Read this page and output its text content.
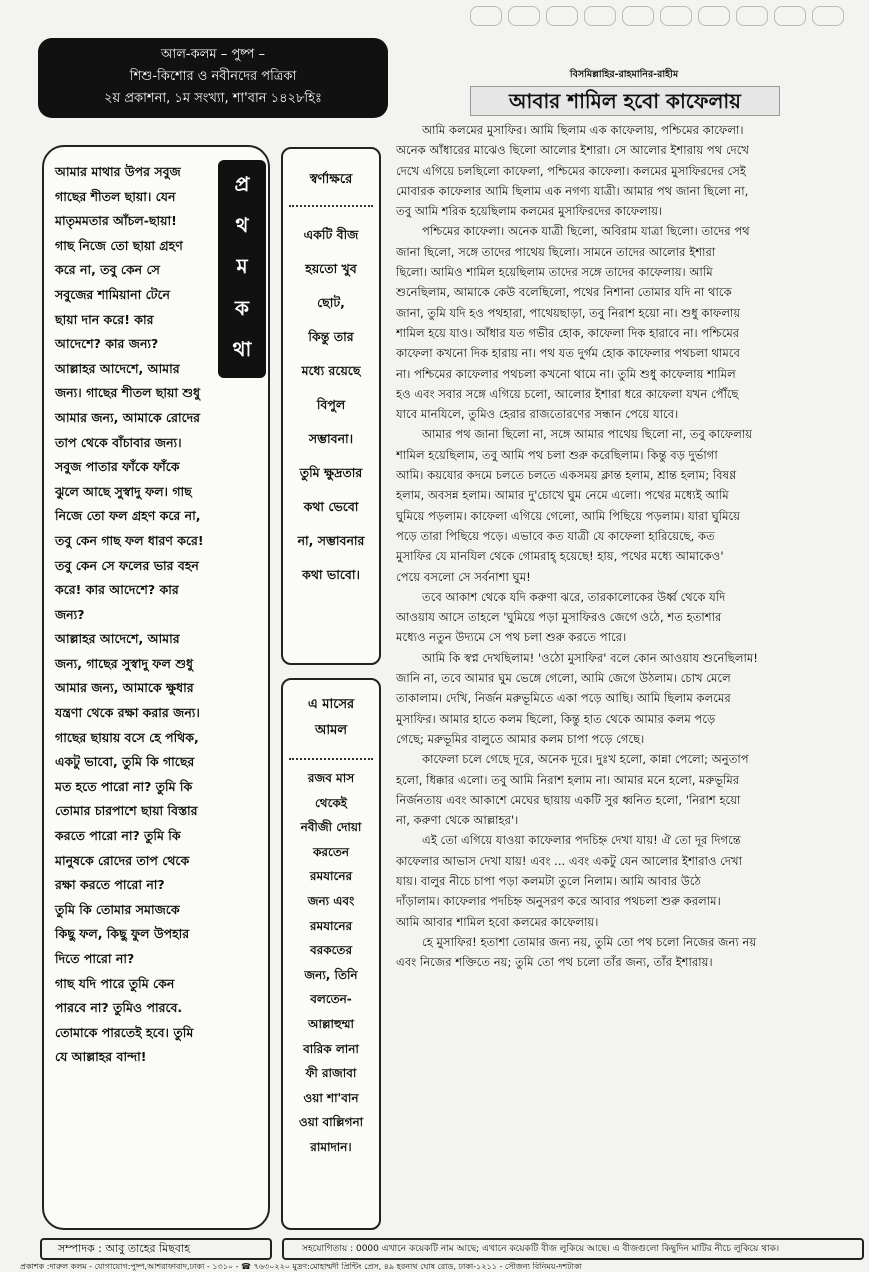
আল-কলম – পুষ্প –
শিশু-কিশোর ও নবীনদের পত্রিকা
২য় প্রকাশনা, ১ম সংখ্যা, শা'বান ১৪২৮হিঃ
বিসমিল্লাহির-রাহমানির-রাহীম
আবার শামিল হবো কাফেলায়
আমার মাথার উপর সবুজ
গাছের শীতল ছায়া। যেন
মাতৃমমতার আঁচল-ছায়া!
গাছ নিজে তো ছায়া গ্রহণ
করে না, তবু কেন সে
সবুজের শামিয়ানা টেনে
ছায়া দান করে! কার
আদেশে? কার জন্য?
আল্লাহর আদেশে, আমার
জন্য। গাছের শীতল ছায়া শুধু
আমার জন্য, আমাকে রোদের
তাপ থেকে বাঁচাবার জন্য।
সবুজ পাতার ফাঁকে ফাঁকে
ঝুলে আছে সুস্বাদু ফল। গাছ
নিজে তো ফল গ্রহণ করে না,
তবু কেন গাছ ফল ধারণ করে!
তবু কেন সে ফলের ভার বহন
করে! কার আদেশে? কার
জন্য?
আল্লাহর আদেশে, আমার
জন্য, গাছের সুস্বাদু ফল শুধু
আমার জন্য, আমাকে ক্ষুধার
যন্ত্রণা থেকে রক্ষা করার জন্য।
গাছের ছায়ায় বসে হে পথিক,
একটু ভাবো, তুমি কি গাছের
মত হতে পারো না? তুমি কি
তোমার চারপাশে ছায়া বিস্তার
করতে পারো না? তুমি কি
মানুষকে রোদের তাপ থেকে
রক্ষা করতে পারো না?
তুমি কি তোমার সমাজকে
কিছু ফল, কিছু ফুল উপহার
দিতে পারো না?
গাছ যদি পারে তুমি কেন
পারবে না? তুমিও পারবে.
তোমাকে পারতেই হবে। তুমি
যে আল্লাহর বান্দা!
প্র
থ
ম
ক
থা
স্বর্ণাক্ষরে
একটি বীজ
হয়তো খুব
ছোট,
কিন্তু তার
মধ্যে রয়েছে
বিপুল
সম্ভাবনা।
তুমি ক্ষুদ্রতার
কথা ভেবো
না, সম্ভাবনার
কথা ভাবো।
এ মাসের
আমল
রজব মাস
থেকেই
নবীজী দোয়া
করতেন
রমযানের
জন্য এবং
রমযানের
বরকতের
জন্য, তিনি
বলতেন-
আল্লাহুম্মা
বারিক লানা
ফী রাজাবা
ওয়া শা'বান
ওয়া বাল্লিগনা
রামাদান।
আমি কলমের মুসাফির। আমি ছিলাম এক কাফেলায়, পশ্চিমের কাফেলা।
অনেক আঁধারের মাঝেও ছিলো আলোর ইশারা। সে আলোর ইশারায় পথ দেখে
দেখে এগিয়ে চলছিলো কাফেলা, পশ্চিমের কাফেলা। কলমের মুসাফিরদের সেই
মোবারক কাফেলার আমি ছিলাম এক নগণ্য যাত্রী। আমার পথ জানা ছিলো না,
তবু আমি শরিক হয়েছিলাম কলমের মুসাফিরদের কাফেলায়।
পশ্চিমের কাফেলা। অনেক যাত্রী ছিলো, অবিরাম যাত্রা ছিলো। তাদের পথ
জানা ছিলো, সঙ্গে তাদের পাথেয় ছিলো। সামনে তাদের আলোর ইশারা
ছিলো। আমিও শামিল হয়েছিলাম তাদের সঙ্গে তাদের কাফেলায়। আমি
শুনেছিলাম, আমাকে কেউ বলেছিলো, পথের নিশানা তোমার যদি না থাকে
জানা, তুমি যদি হও পথহারা, পাথেয়ছাড়া, তবু নিরাশ হয়ো না। শুধু কাফলায়
শামিল হয়ে যাও। আঁধার যত গভীর হোক, কাফেলা দিক হারাবে না। পশ্চিমের
কাফেলা কখনো দিক হারায় না। পথ যত দুর্গম হোক কাফেলার পথচলা থামবে
না। পশ্চিমের কাফেলার পথচলা কখনো থামে না। তুমি শুধু কাফেলায় শামিল
হও এবং সবার সঙ্গে এগিয়ে চলো, আলোর ইশারা ধরে কাফেলা যখন পৌঁছে
যাবে মানযিলে, তুমিও হেরার রাজতোরণের সন্ধান পেয়ে যাবে।
আমার পথ জানা ছিলো না, সঙ্গে আমার পাথেয় ছিলো না, তবু কাফেলায়
শামিল হয়েছিলাম, তবু আমি পথ চলা শুরু করেছিলাম। কিন্তু বড় দুর্ভাগা
আমি। কয়যোর কদমে চলতে চলতে একসময় ক্লান্ত হলাম, শ্রান্ত হলাম; বিষণ্ণ
হলাম, অবসন্ন হলাম। আমার দু'চোখে ঘুম নেমে এলো। পথের মধ্যেই আমি
ঘুমিয়ে পড়লাম। কাফেলা এগিয়ে গেলো, আমি পিছিয়ে পড়লাম। যারা ঘুমিয়ে
পড়ে তারা পিছিয়ে পড়ে। এভাবে কত যাত্রী যে কাফেলা হারিয়েছে, কত
মুসাফির যে মানযিল থেকে গোমরাহ্‌ হয়েছে! হায়, পথের মধ্যে আমাকেও'
পেয়ে বসলো সে সর্বনাশা ঘুম!
তবে আকাশ থেকে যদি করুণা ঝরে, তারকালোকের উর্ধ্ব থেকে যদি
আওয়ায আসে তাহলে 'ঘুমিয়ে পড়া মুসাফিরও জেগে ওঠে, শত হতাশার
মধ্যেও নতুন উদ্যমে সে পথ চলা শুরু করতে পারে।
আমি কি স্বপ্ন দেখছিলাম! 'ওঠো মুসাফির' বলে কোন আওয়ায শুনেছিলাম!
জানি না, তবে আমার ঘুম ভেঙ্গে গেলো, আমি জেগে উঠলাম। চোখ মেলে
তাকালাম। দেখি, নির্জন মরুভূমিতে একা পড়ে আছি। আমি ছিলাম কলমের
মুসাফির। আমার হাতে কলম ছিলো, কিন্তু হাত থেকে আমার কলম পড়ে
গেছে; মরুভূমির বালুতে আমার কলম চাপা পড়ে গেছে।
কাফেলা চলে গেছে দূরে, অনেক দূরে। দুঃখ হলো, কান্না পেলো; অনুতাপ
হলো, ধিক্কার এলো। তবু আমি নিরাশ হলাম না। আমার মনে হলো, মরুভূমির
নির্জনতায় এবং আকাশে মেঘের ছায়ায় একটি সুর ধ্বনিত হলো, 'নিরাশ হয়ো
না, করুণা থেকে আল্লাহর'।
এই তো এগিয়ে যাওয়া কাফেলার পদচিহ্ন দেখা যায়! ঐ তো দূর দিগন্তে
কাফেলার আভাস দেখা যায়! এবং ... এবং একটু যেন আলোর ইশারাও দেখা
যায়। বালুর নীচে চাপা পড়া কলমটা তুলে নিলাম। আমি আবার উঠে
দাঁড়ালাম। কাফেলার পদচিহ্ন অনুসরণ করে আবার পথচলা শুরু করলাম।
আমি আবার শামিল হবো কলমের কাফেলায়।
হে মুসাফির! হতাশা তোমার জন্য নয়, তুমি তো পথ চলো নিজের জন্য নয়
এবং নিজের শক্তিতে নয়; তুমি তো পথ চলো তাঁর জন্য, তাঁর ইশারায়।
সম্পাদক : আবু তাহের মিছবাহ	সহযোগিতায় : 0000 এখানে কয়েকটি নাম আছে; এখানে কয়েকটি বীজ লুকিয়ে আছে। এ বীজগুলো কিছুদিন মাটির নীচে লুকিয়ে থাক।
প্রকাশক :দারুল কলম - যোগাযোগ:পুষ্প,আশরাফাবাদ,ঢাকা - ১৩১০ - ☎ ৭৬৩০২২০ মুদ্রণ:মোহাম্মদী প্রিন্টিং প্রেস, ৪৯ হরনাথ ঘোষ রোড, ঢাকা-১২১১ - সৌজন্য বিনিময়-দশটাকা
